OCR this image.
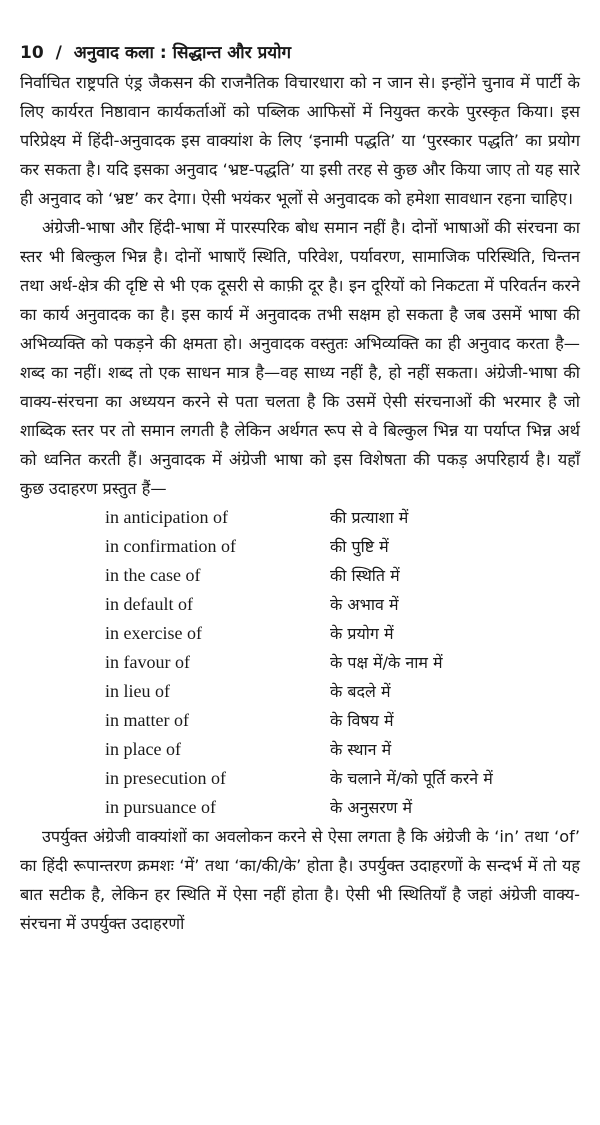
10 / अनुवाद कला : सिद्धान्त और प्रयोग

निर्वाचित राष्ट्रपति एंड्र जैकसन की राजनैतिक विचारधारा को न जान से। इन्होंने चुनाव में पार्टी के लिए कार्यरत निष्ठावान कार्यकर्ताओं को पब्लिक आफिसों में नियुक्त करके पुरस्कृत किया। इस परिप्रेक्ष्य में हिंदी-अनुवादक इस वाक्यांश के लिए ‘इनामी पद्धति’ या ‘पुरस्कार पद्धति’ का प्रयोग कर सकता है। यदि इसका अनुवाद ‘भ्रष्ट-पद्धति’ या इसी तरह से कुछ और किया जाए तो यह सारे ही अनुवाद को ‘भ्रष्ट’ कर देगा। ऐसी भयंकर भूलों से अनुवादक को हमेशा सावधान रहना चाहिए।

अंग्रेजी-भाषा और हिंदी-भाषा में पारस्परिक बोध समान नहीं है। दोनों भाषाओं की संरचना का स्तर भी बिल्कुल भिन्न है। दोनों भाषाएँ स्थिति, परिवेश, पर्यावरण, सामाजिक परिस्थिति, चिन्तन तथा अर्थ-क्षेत्र की दृष्टि से भी एक दूसरी से काफ़ी दूर है। इन दूरियों को निकटता में परिवर्तन करने का कार्य अनुवादक का है। इस कार्य में अनुवादक तभी सक्षम हो सकता है जब उसमें भाषा की अभिव्यक्ति को पकड़ने की क्षमता हो। अनुवादक वस्तुतः अभिव्यक्ति का ही अनुवाद करता है—शब्द का नहीं। शब्द तो एक साधन मात्र है—वह साध्य नहीं है, हो नहीं सकता। अंग्रेजी-भाषा की वाक्य-संरचना का अध्ययन करने से पता चलता है कि उसमें ऐसी संरचनाओं की भरमार है जो शाब्दिक स्तर पर तो समान लगती है लेकिन अर्थगत रूप से वे बिल्कुल भिन्न या पर्याप्त भिन्न अर्थ को ध्वनित करती हैं। अनुवादक में अंग्रेजी भाषा को इस विशेषता की पकड़ अपरिहार्य है। यहाँ कुछ उदाहरण प्रस्तुत हैं—

in anticipation of	की प्रत्याशा में
in confirmation of	की पुष्टि में
in the case of	की स्थिति में
in default of	के अभाव में
in exercise of	के प्रयोग में
in favour of	के पक्ष में/के नाम में
in lieu of	के बदले में
in matter of	के विषय में
in place of	के स्थान में
in presecution of	के चलाने में/को पूर्ति करने में
in pursuance of	के अनुसरण में

उपर्युक्त अंग्रेजी वाक्यांशों का अवलोकन करने से ऐसा लगता है कि अंग्रेजी के ‘in’ तथा ‘of’ का हिंदी रूपान्तरण क्रमशः ‘में’ तथा ‘का/की/के’ होता है। उपर्युक्त उदाहरणों के सन्दर्भ में तो यह बात सटीक है, लेकिन हर स्थिति में ऐसा नहीं होता है। ऐसी भी स्थितियाँ है जहां अंग्रेजी वाक्य-संरचना में उपर्युक्त उदाहरणों
